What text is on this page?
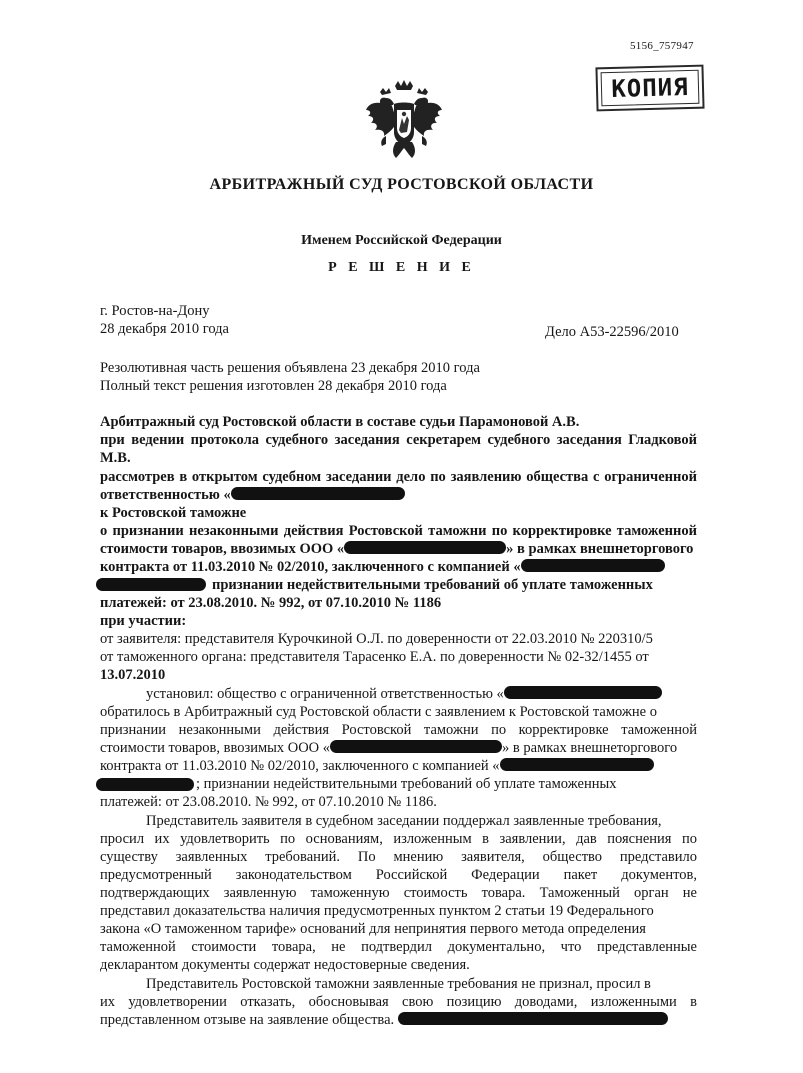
5156_757947
КОПИЯ
АРБИТРАЖНЫЙ СУД РОСТОВСКОЙ ОБЛАСТИ
Именем Российской Федерации
Р Е Ш Е Н И Е
г. Ростов-на-Дону
28 декабря 2010 года	Дело А53-22596/2010
Резолютивная часть решения объявлена 23 декабря 2010 года
Полный текст решения изготовлен 28 декабря 2010 года
Арбитражный суд Ростовской области в составе судьи Парамоновой А.В.
при ведении протокола судебного заседания секретарем судебного заседания Гладковой
М.В.
рассмотрев в открытом судебном заседании дело по заявлению общества с ограниченной
ответственностью «
к Ростовской таможне
о признании незаконными действия Ростовской таможни по корректировке таможенной
стоимости товаров, ввозимых ООО «	» в рамках внешнеторгового
контракта от 11.03.2010 № 02/2010, заключенного с компанией «
признании недействительными требований об уплате таможенных
платежей: от 23.08.2010. № 992, от 07.10.2010 № 1186
при участии:
от заявителя: представителя Курочкиной О.Л. по доверенности от 22.03.2010 № 220310/5
от таможенного органа: представителя Тарасенко Е.А. по доверенности № 02-32/1455 от
13.07.2010
установил: общество с ограниченной ответственностью «
обратилось в Арбитражный суд Ростовской области с заявлением к Ростовской таможне о
признании незаконными действия Ростовской таможни по корректировке таможенной
стоимости товаров, ввозимых ООО «	» в рамках внешнеторгового
контракта от 11.03.2010 № 02/2010, заключенного с компанией «
; признании недействительными требований об уплате таможенных
платежей: от 23.08.2010. № 992, от 07.10.2010 № 1186.
Представитель заявителя в судебном заседании поддержал заявленные требования,
просил их удовлетворить по основаниям, изложенным в заявлении, дав пояснения по
существу заявленных требований. По мнению заявителя, общество представило
предусмотренный законодательством Российской Федерации пакет документов,
подтверждающих заявленную таможенную стоимость товара. Таможенный орган не
представил доказательства наличия предусмотренных пунктом 2 статьи 19 Федерального
закона «О таможенном тарифе» оснований для непринятия первого метода определения
таможенной стоимости товара, не подтвердил документально, что представленные
декларантом документы содержат недостоверные сведения.
Представитель Ростовской таможни заявленные требования не признал, просил в
их удовлетворении отказать, обосновывая свою позицию доводами, изложенными в
представленном отзыве на заявление общества.
